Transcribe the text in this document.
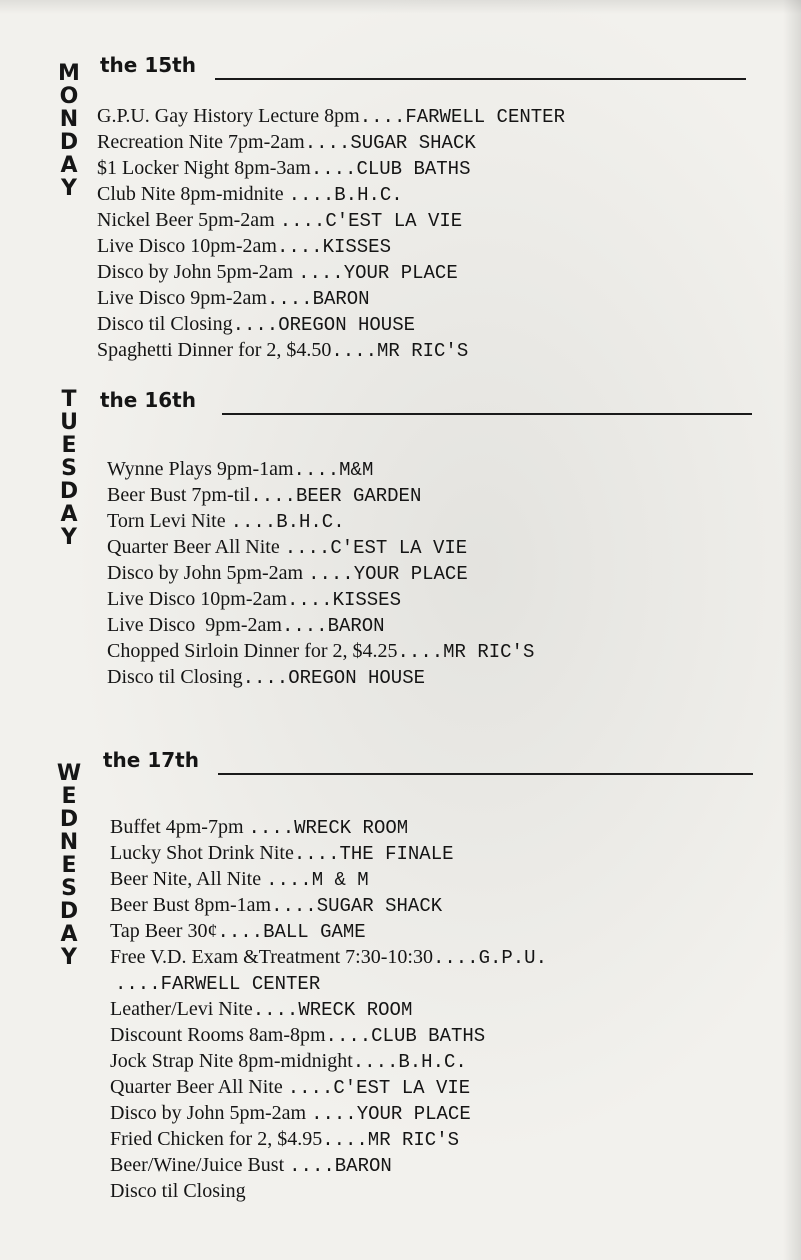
M
O
N
D
A
Y
the 15th
G.P.U. Gay History Lecture 8pm....FARWELL CENTER
Recreation Nite 7pm-2am....SUGAR SHACK
$1 Locker Night 8pm-3am....CLUB BATHS
Club Nite 8pm-midnite ....B.H.C.
Nickel Beer 5pm-2am ....C'EST LA VIE
Live Disco 10pm-2am....KISSES
Disco by John 5pm-2am ....YOUR PLACE
Live Disco 9pm-2am....BARON
Disco til Closing....OREGON HOUSE
Spaghetti Dinner for 2, $4.50....MR RIC'S
T
U
E
S
D
A
Y
the 16th
Wynne Plays 9pm-1am....M&M
Beer Bust 7pm-til....BEER GARDEN
Torn Levi Nite ....B.H.C.
Quarter Beer All Nite ....C'EST LA VIE
Disco by John 5pm-2am ....YOUR PLACE
Live Disco 10pm-2am....KISSES
Live Disco  9pm-2am....BARON
Chopped Sirloin Dinner for 2, $4.25....MR RIC'S
Disco til Closing....OREGON HOUSE
W
E
D
N
E
S
D
A
Y
the 17th
Buffet 4pm-7pm ....WRECK ROOM
Lucky Shot Drink Nite....THE FINALE
Beer Nite, All Nite ....M & M
Beer Bust 8pm-1am....SUGAR SHACK
Tap Beer 30¢....BALL GAME
Free V.D. Exam &Treatment 7:30-10:30....G.P.U.
....FARWELL CENTER
Leather/Levi Nite....WRECK ROOM
Discount Rooms 8am-8pm....CLUB BATHS
Jock Strap Nite 8pm-midnight....B.H.C.
Quarter Beer All Nite ....C'EST LA VIE
Disco by John 5pm-2am ....YOUR PLACE
Fried Chicken for 2, $4.95....MR RIC'S
Beer/Wine/Juice Bust ....BARON
Disco til Closing
